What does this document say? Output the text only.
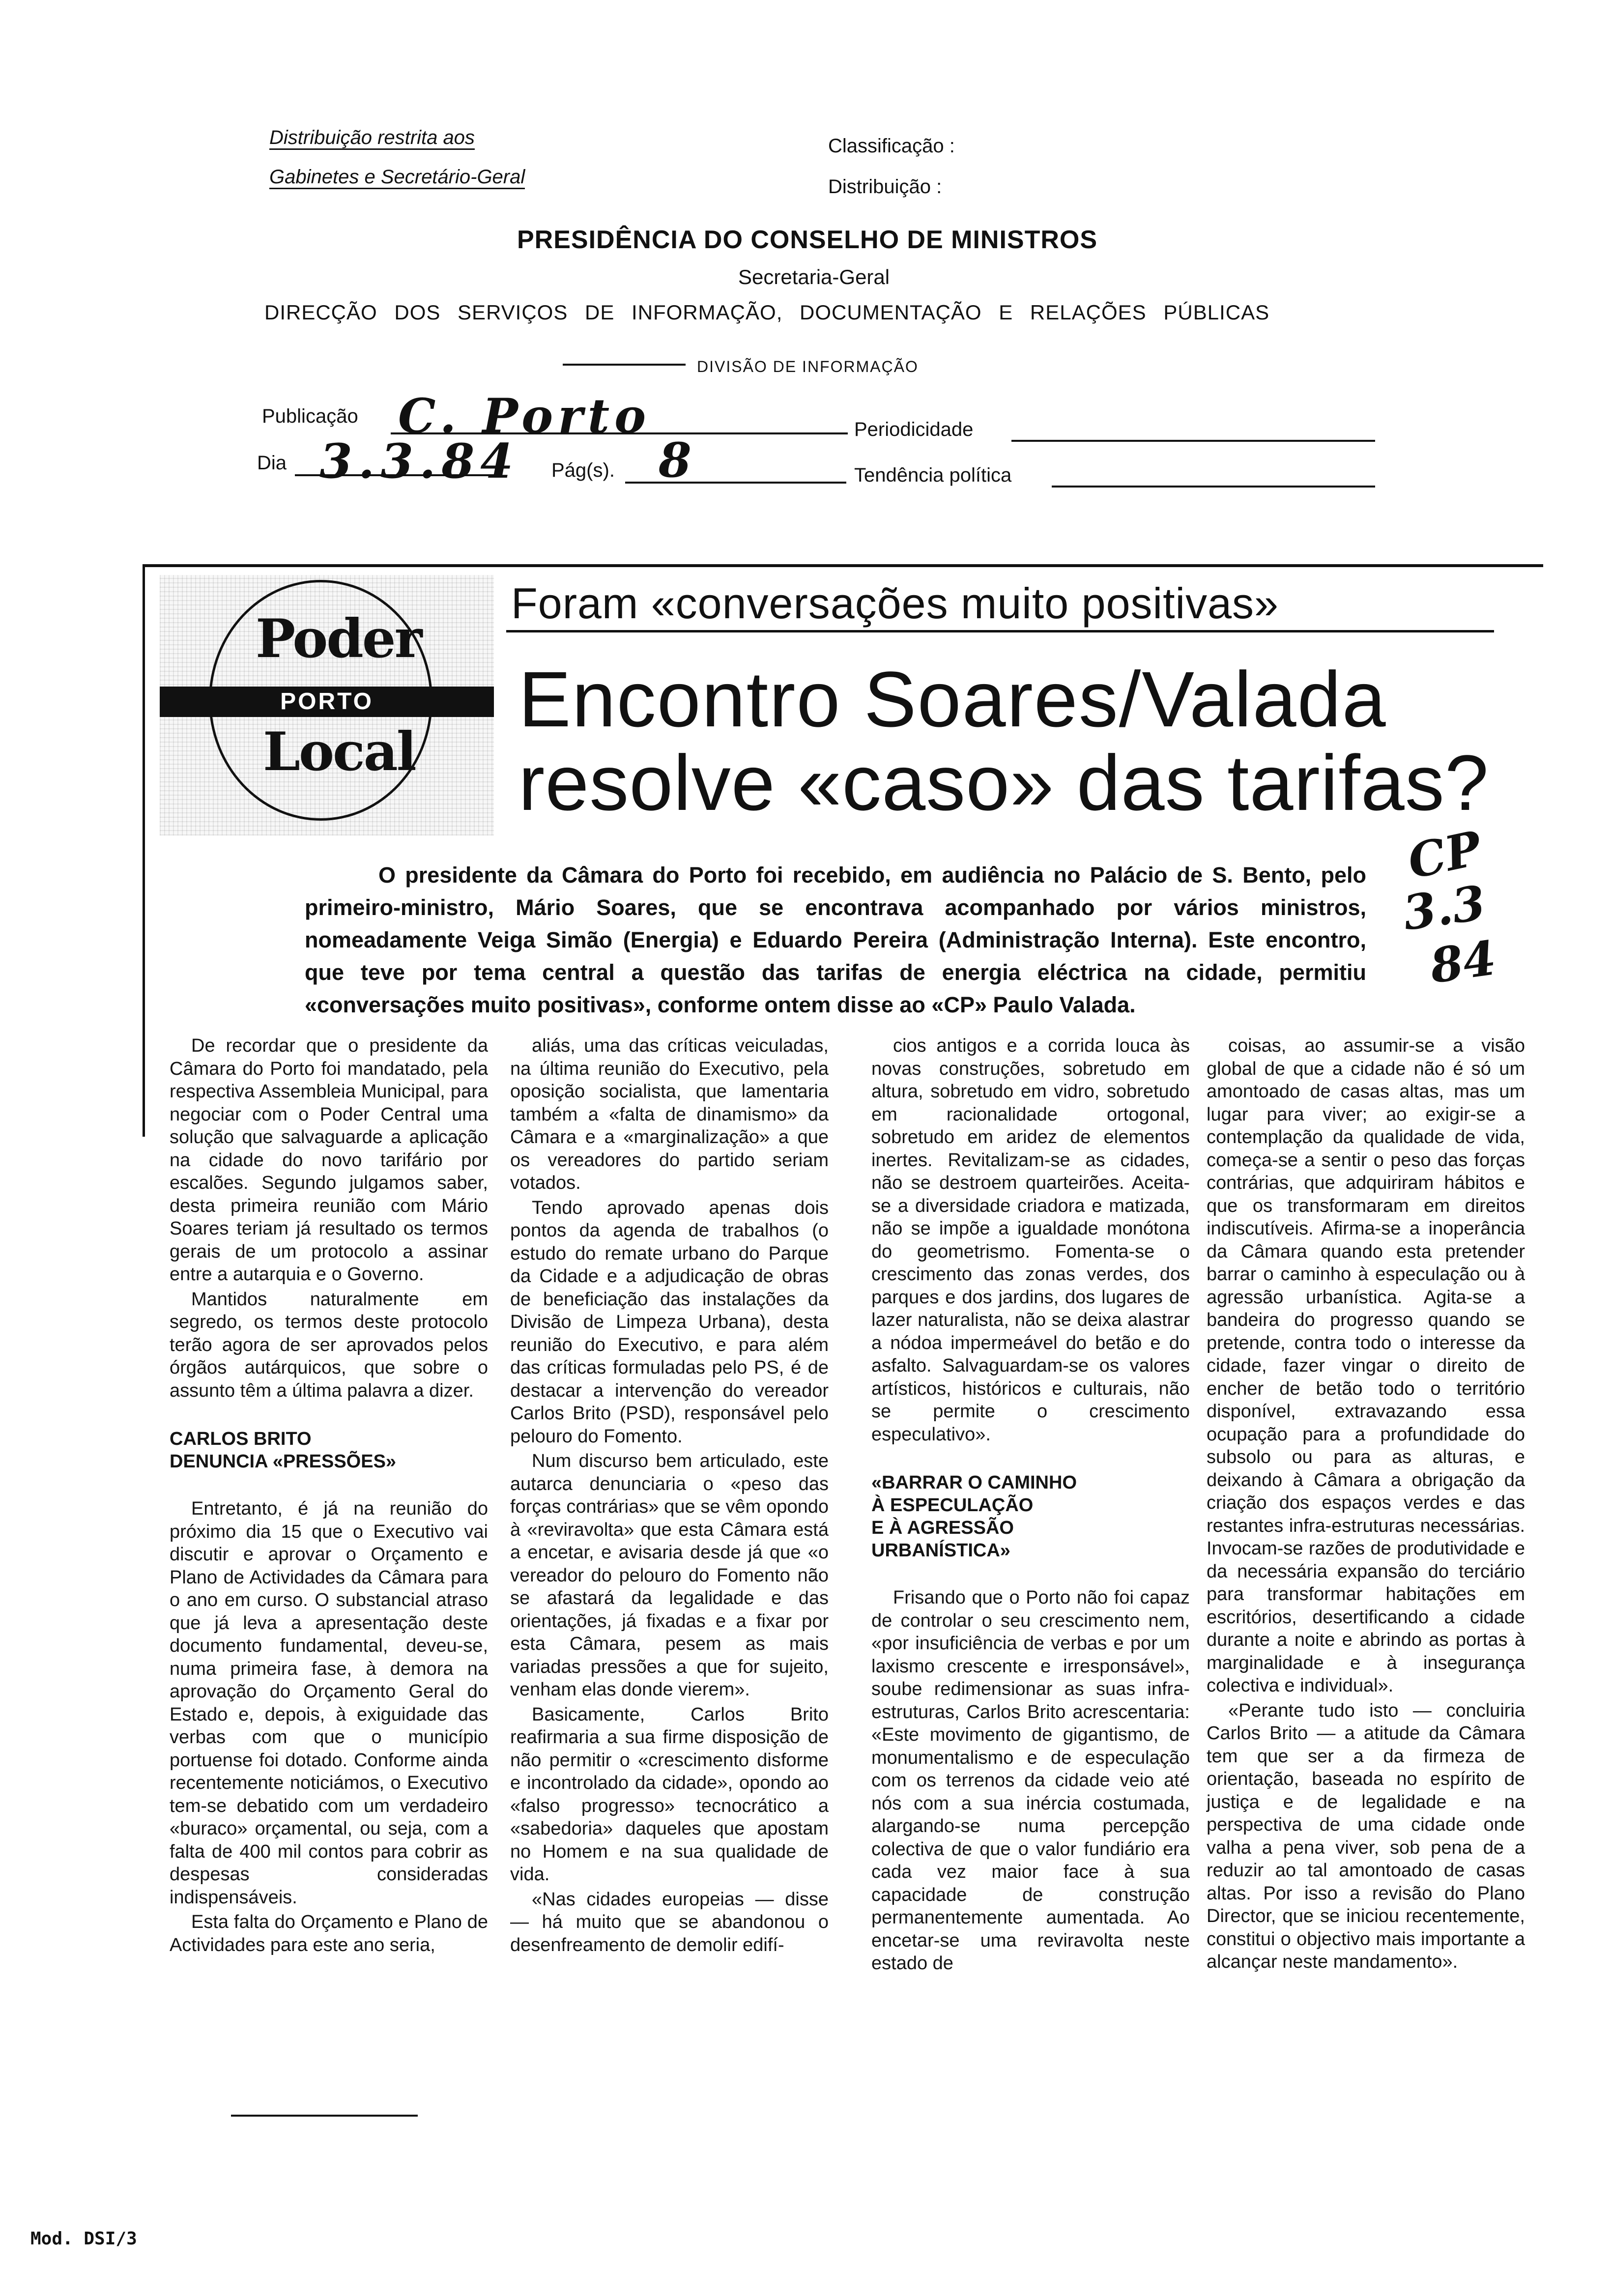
Distribuição restrita aos
Gabinetes e Secretário-Geral
Classificação :
Distribuição :
PRESIDÊNCIA DO CONSELHO DE MINISTROS
Secretaria-Geral
DIRECÇÃO DOS SERVIÇOS DE INFORMAÇÃO, DOCUMENTAÇÃO E RELAÇÕES PÚBLICAS
DIVISÃO DE INFORMAÇÃO
Publicação C. Porto	Periodicidade
Dia 3.3.84 Pág(s). 8	Tendência política
Poder
PORTO
Local
Foram «conversações muito positivas»
Encontro Soares/Valada
resolve «caso» das tarifas?
CP
3.3
84
O presidente da Câmara do Porto foi recebido, em audiência no Palácio de S. Bento, pelo primeiro-ministro, Mário Soares, que se encontrava acompanhado por vários ministros, nomeadamente Veiga Simão (Energia) e Eduardo Pereira (Administração Interna). Este encontro, que teve por tema central a questão das tarifas de energia eléctrica na cidade, permitiu «conversações muito positivas», conforme ontem disse ao «CP» Paulo Valada.

De recordar que o presidente da Câmara do Porto foi mandatado, pela respectiva Assembleia Municipal, para negociar com o Poder Central uma solução que salvaguarde a aplicação na cidade do novo tarifário por escalões. Segundo julgamos saber, desta primeira reunião com Mário Soares teriam já resultado os termos gerais de um protocolo a assinar entre a autarquia e o Governo.

Mantidos naturalmente em segredo, os termos deste protocolo terão agora de ser aprovados pelos órgãos autárquicos, que sobre o assunto têm a última palavra a dizer.

CARLOS BRITO
DENUNCIA «PRESSÕES»

Entretanto, é já na reunião do próximo dia 15 que o Executivo vai discutir e aprovar o Orçamento e Plano de Actividades da Câmara para o ano em curso. O substancial atraso que já leva a apresentação deste documento fundamental, deveu-se, numa primeira fase, à demora na aprovação do Orçamento Geral do Estado e, depois, à exiguidade das verbas com que o município portuense foi dotado. Conforme ainda recentemente noticiámos, o Executivo tem-se debatido com um verdadeiro «buraco» orçamental, ou seja, com a falta de 400 mil contos para cobrir as despesas consideradas indispensáveis.

Esta falta do Orçamento e Plano de Actividades para este ano seria,

aliás, uma das críticas veiculadas, na última reunião do Executivo, pela oposição socialista, que lamentaria também a «falta de dinamismo» da Câmara e a «marginalização» a que os vereadores do partido seriam votados.

Tendo aprovado apenas dois pontos da agenda de trabalhos (o estudo do remate urbano do Parque da Cidade e a adjudicação de obras de beneficiação das instalações da Divisão de Limpeza Urbana), desta reunião do Executivo, e para além das críticas formuladas pelo PS, é de destacar a intervenção do vereador Carlos Brito (PSD), responsável pelo pelouro do Fomento.

Num discurso bem articulado, este autarca denunciaria o «peso das forças contrárias» que se vêm opondo à «reviravolta» que esta Câmara está a encetar, e avisaria desde já que «o vereador do pelouro do Fomento não se afastará da legalidade e das orientações, já fixadas e a fixar por esta Câmara, pesem as mais variadas pressões a que for sujeito, venham elas donde vierem».

Basicamente, Carlos Brito reafirmaria a sua firme disposição de não permitir o «crescimento disforme e incontrolado da cidade», opondo ao «falso progresso» tecnocrático a «sabedoria» daqueles que apostam no Homem e na sua qualidade de vida.

«Nas cidades europeias — disse — há muito que se abandonou o desenfreamento de demolir edifí-

cios antigos e a corrida louca às novas construções, sobretudo em altura, sobretudo em vidro, sobretudo em racionalidade ortogonal, sobretudo em aridez de elementos inertes. Revitalizam-se as cidades, não se destroem quarteirões. Aceita-se a diversidade criadora e matizada, não se impõe a igualdade monótona do geometrismo. Fomenta-se o crescimento das zonas verdes, dos parques e dos jardins, dos lugares de lazer naturalista, não se deixa alastrar a nódoa impermeável do betão e do asfalto. Salvaguardam-se os valores artísticos, históricos e culturais, não se permite o crescimento especulativo».

«BARRAR O CAMINHO
À ESPECULAÇÃO
E À AGRESSÃO
URBANÍSTICA»

Frisando que o Porto não foi capaz de controlar o seu crescimento nem, «por insuficiência de verbas e por um laxismo crescente e irresponsável», soube redimensionar as suas infra-estruturas, Carlos Brito acrescentaria: «Este movimento de gigantismo, de monumentalismo e de especulação com os terrenos da cidade veio até nós com a sua inércia costumada, alargando-se numa percepção colectiva de que o valor fundiário era cada vez maior face à sua capacidade de construção permanentemente aumentada. Ao encetar-se uma reviravolta neste estado de

coisas, ao assumir-se a visão global de que a cidade não é só um amontoado de casas altas, mas um lugar para viver; ao exigir-se a contemplação da qualidade de vida, começa-se a sentir o peso das forças contrárias, que adquiriram hábitos e que os transformaram em direitos indiscutíveis. Afirma-se a inoperância da Câmara quando esta pretender barrar o caminho à especulação ou à agressão urbanística. Agita-se a bandeira do progresso quando se pretende, contra todo o interesse da cidade, fazer vingar o direito de encher de betão todo o território disponível, extravazando essa ocupação para a profundidade do subsolo ou para as alturas, e deixando à Câmara a obrigação da criação dos espaços verdes e das restantes infra-estruturas necessárias. Invocam-se razões de produtividade e da necessária expansão do terciário para transformar habitações em escritórios, desertificando a cidade durante a noite e abrindo as portas à marginalidade e à insegurança colectiva e individual».

«Perante tudo isto — concluiria Carlos Brito — a atitude da Câmara tem que ser a da firmeza de orientação, baseada no espírito de justiça e de legalidade e na perspectiva de uma cidade onde valha a pena viver, sob pena de a reduzir ao tal amontoado de casas altas. Por isso a revisão do Plano Director, que se iniciou recentemente, constitui o objectivo mais importante a alcançar neste mandamento».

Mod. DSI/3
